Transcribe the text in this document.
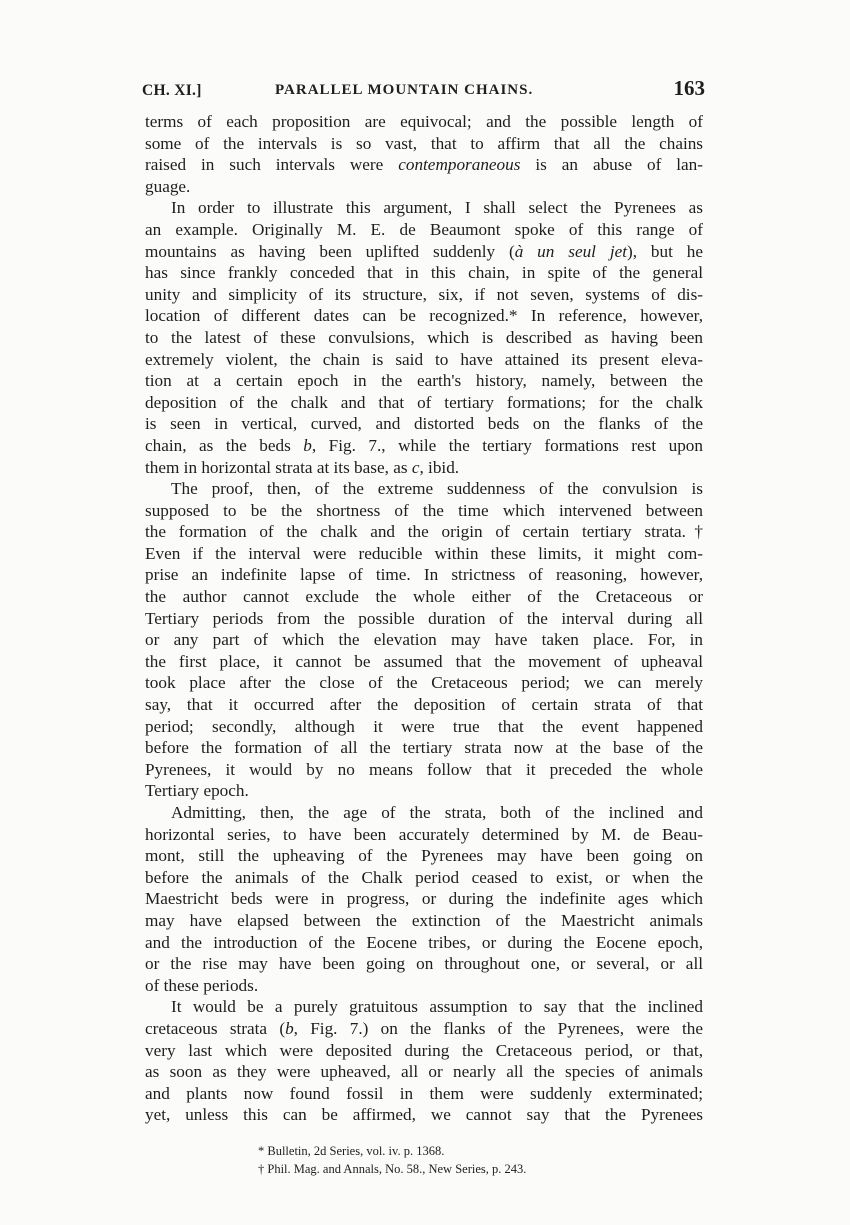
CH. XI.]	PARALLEL MOUNTAIN CHAINS.	163
terms of each proposition are equivocal; and the possible length of
some of the intervals is so vast, that to affirm that all the chains
raised in such intervals were contemporaneous is an abuse of lan-
guage.
In order to illustrate this argument, I shall select the Pyrenees as
an example. Originally M. E. de Beaumont spoke of this range of
mountains as having been uplifted suddenly (à un seul jet), but he
has since frankly conceded that in this chain, in spite of the general
unity and simplicity of its structure, six, if not seven, systems of dis-
location of different dates can be recognized.* In reference, however,
to the latest of these convulsions, which is described as having been
extremely violent, the chain is said to have attained its present eleva-
tion at a certain epoch in the earth's history, namely, between the
deposition of the chalk and that of tertiary formations; for the chalk
is seen in vertical, curved, and distorted beds on the flanks of the
chain, as the beds b, Fig. 7., while the tertiary formations rest upon
them in horizontal strata at its base, as c, ibid.
The proof, then, of the extreme suddenness of the convulsion is
supposed to be the shortness of the time which intervened between
the formation of the chalk and the origin of certain tertiary strata.†
Even if the interval were reducible within these limits, it might com-
prise an indefinite lapse of time. In strictness of reasoning, however,
the author cannot exclude the whole either of the Cretaceous or
Tertiary periods from the possible duration of the interval during all
or any part of which the elevation may have taken place. For, in
the first place, it cannot be assumed that the movement of upheaval
took place after the close of the Cretaceous period; we can merely
say, that it occurred after the deposition of certain strata of that
period; secondly, although it were true that the event happened
before the formation of all the tertiary strata now at the base of the
Pyrenees, it would by no means follow that it preceded the whole
Tertiary epoch.
Admitting, then, the age of the strata, both of the inclined and
horizontal series, to have been accurately determined by M. de Beau-
mont, still the upheaving of the Pyrenees may have been going on
before the animals of the Chalk period ceased to exist, or when the
Maestricht beds were in progress, or during the indefinite ages which
may have elapsed between the extinction of the Maestricht animals
and the introduction of the Eocene tribes, or during the Eocene epoch,
or the rise may have been going on throughout one, or several, or all
of these periods.
It would be a purely gratuitous assumption to say that the inclined
cretaceous strata (b, Fig. 7.) on the flanks of the Pyrenees, were the
very last which were deposited during the Cretaceous period, or that,
as soon as they were upheaved, all or nearly all the species of animals
and plants now found fossil in them were suddenly exterminated;
yet, unless this can be affirmed, we cannot say that the Pyrenees
* Bulletin, 2d Series, vol. iv. p. 1368.
† Phil. Mag. and Annals, No. 58., New Series, p. 243.
